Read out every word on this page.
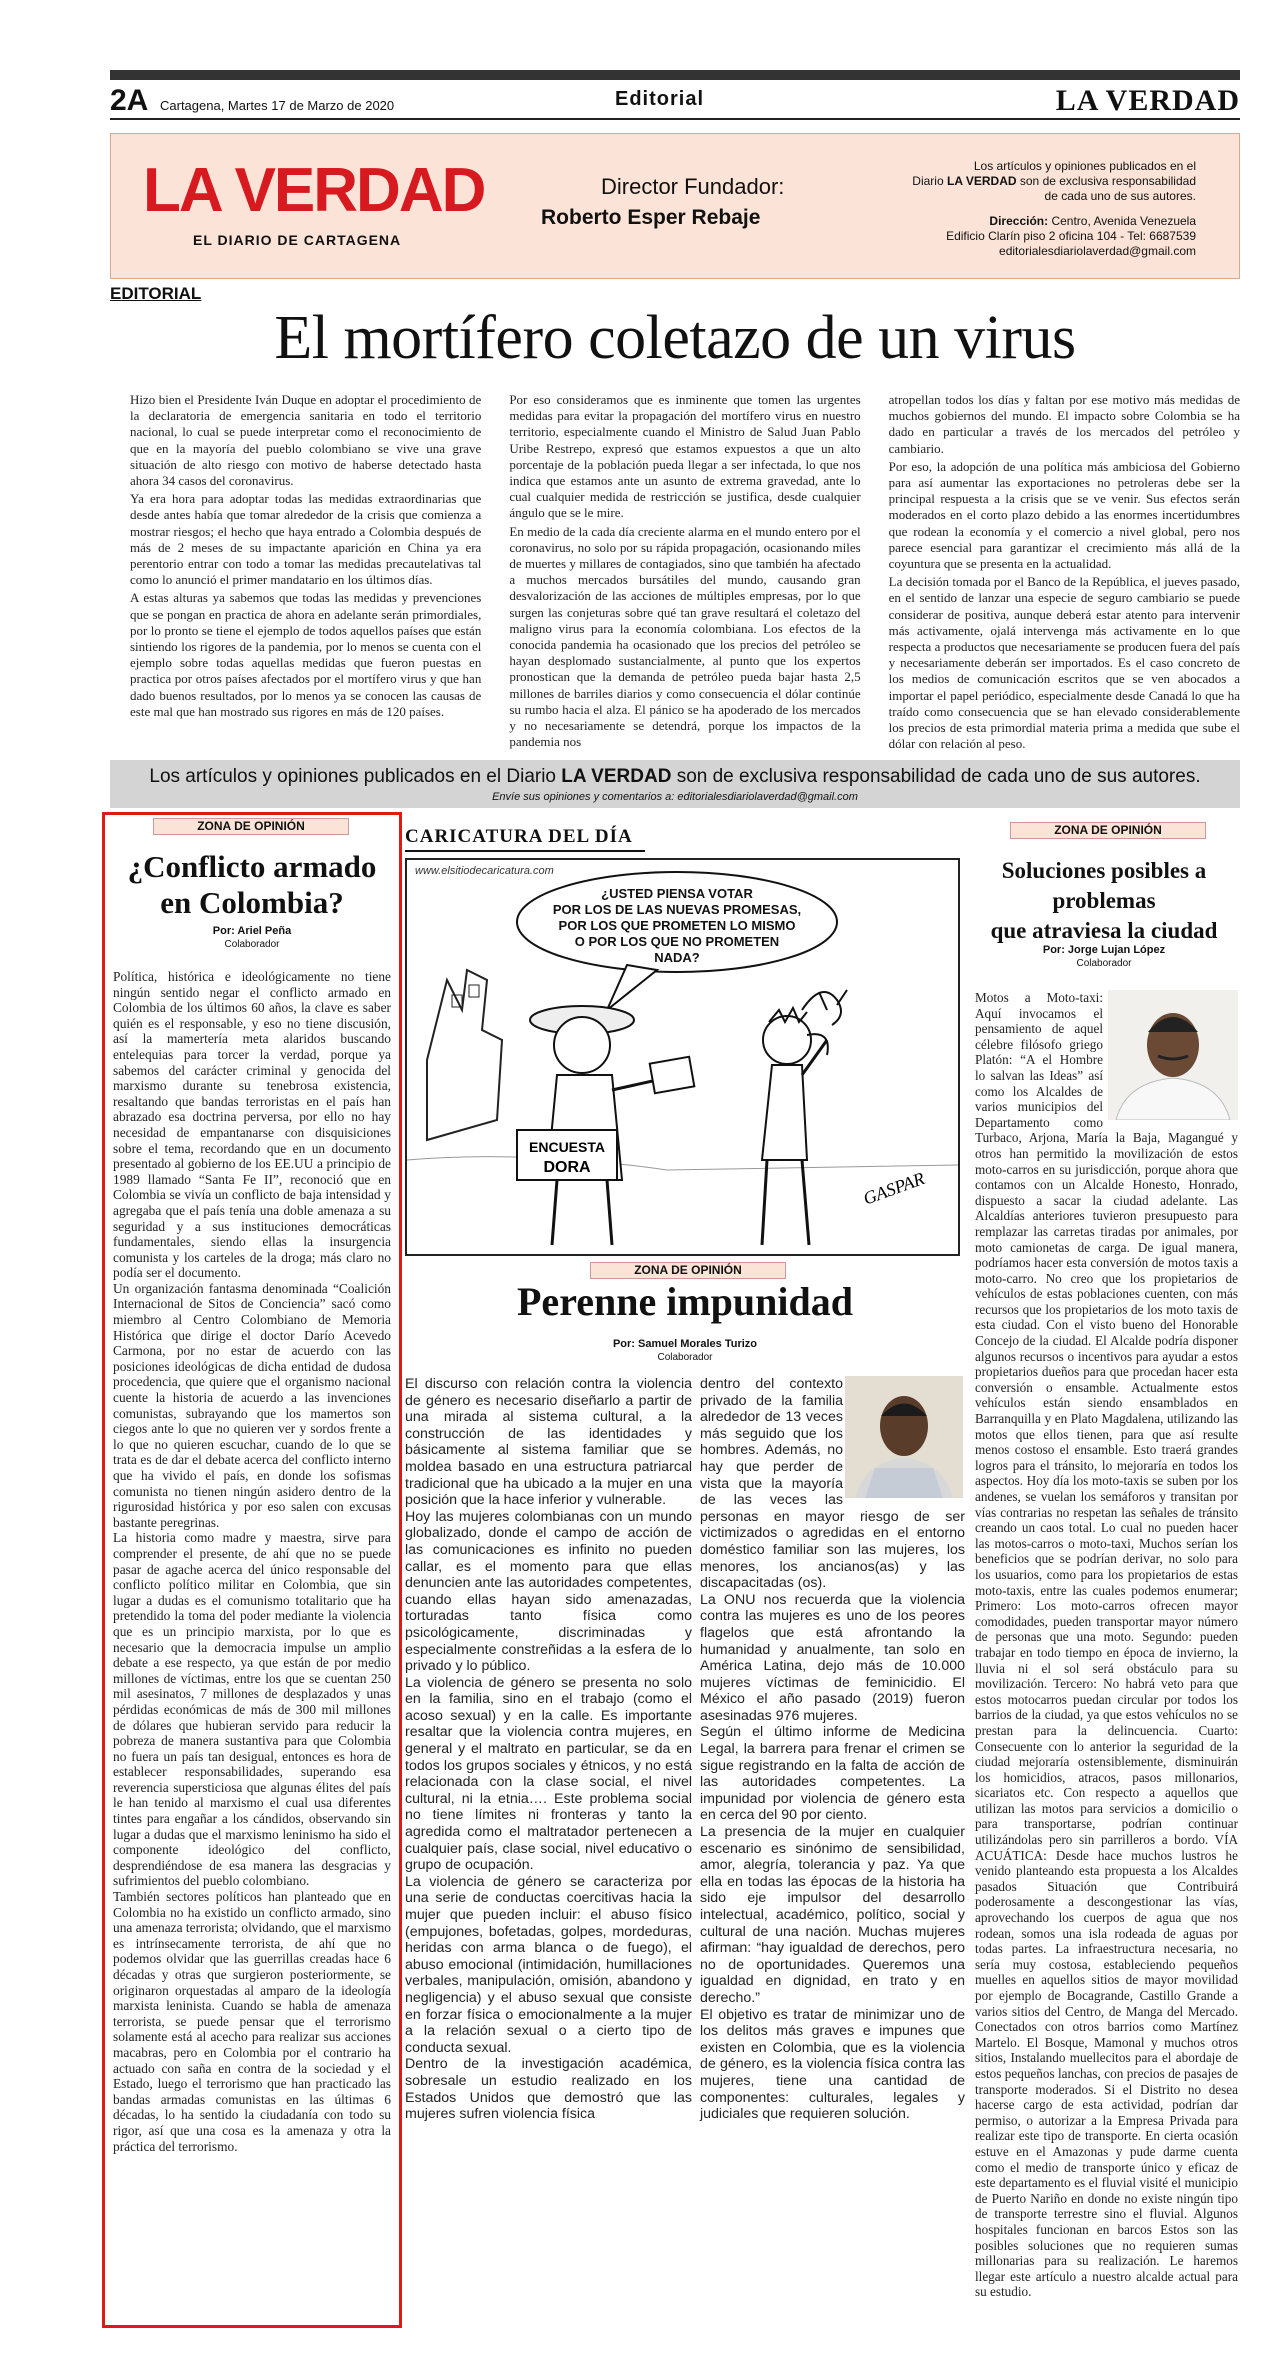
2A Cartagena, Martes 17 de Marzo de 2020	Editorial	LA VERDAD
LA VERDAD
EL DIARIO DE CARTAGENA
Director Fundador:
Roberto Esper Rebaje
Los artículos y opiniones publicados en el
Diario LA VERDAD son de exclusiva responsabilidad
de cada uno de sus autores.
Dirección: Centro, Avenida Venezuela
Edificio Clarín piso 2 oficina 104 - Tel: 6687539
editorialesdiariolaverdad@gmail.com
EDITORIAL
El mortífero coletazo de un virus

Hizo bien el Presidente Iván Duque en adoptar el procedimiento de la declaratoria de emergencia sanitaria en todo el territorio nacional, lo cual se puede interpretar como el reconocimiento de que en la mayoría del pueblo colombiano se vive una grave situación de alto riesgo con motivo de haberse detectado hasta ahora 34 casos del coronavirus.

Ya era hora para adoptar todas las medidas extraordinarias que desde antes había que tomar alrededor de la crisis que comienza a mostrar riesgos; el hecho que haya entrado a Colombia después de más de 2 meses de su impactante aparición en China ya era perentorio entrar con todo a tomar las medidas precautelativas tal como lo anunció el primer mandatario en los últimos días.

A estas alturas ya sabemos que todas las medidas y prevenciones que se pongan en practica de ahora en adelante serán primordiales, por lo pronto se tiene el ejemplo de todos aquellos países que están sintiendo los rigores de la pandemia, por lo menos se cuenta con el ejemplo sobre todas aquellas medidas que fueron puestas en practica por otros países afectados por el mortífero virus y que han dado buenos resultados, por lo menos ya se conocen las causas de este mal que han mostrado sus rigores en más de 120 países.

Por eso consideramos que es inminente que tomen las urgentes medidas para evitar la propagación del mortífero virus en nuestro territorio, especialmente cuando el Ministro de Salud Juan Pablo Uribe Restrepo, expresó que estamos expuestos a que un alto porcentaje de la población pueda llegar a ser infectada, lo que nos indica que estamos ante un asunto de extrema gravedad, ante lo cual cualquier medida de restricción se justifica, desde cualquier ángulo que se le mire.

En medio de la cada día creciente alarma en el mundo entero por el coronavirus, no solo por su rápida propagación, ocasionando miles de muertes y millares de contagiados, sino que también ha afectado a muchos mercados bursátiles del mundo, causando gran desvalorización de las acciones de múltiples empresas, por lo que surgen las conjeturas sobre qué tan grave resultará el coletazo del maligno virus para la economía colombiana. Los efectos de la conocida pandemia ha ocasionado que los precios del petróleo se hayan desplomado sustancialmente, al punto que los expertos pronostican que la demanda de petróleo pueda bajar hasta 2,5 millones de barriles diarios y como consecuencia el dólar continúe su rumbo hacia el alza. El pánico se ha apoderado de los mercados y no necesariamente se detendrá, porque los impactos de la pandemia nos

atropellan todos los días y faltan por ese motivo más medidas de muchos gobiernos del mundo. El impacto sobre Colombia se ha dado en particular a través de los mercados del petróleo y cambiario.

Por eso, la adopción de una política más ambiciosa del Gobierno para así aumentar las exportaciones no petroleras debe ser la principal respuesta a la crisis que se ve venir. Sus efectos serán moderados en el corto plazo debido a las enormes incertidumbres que rodean la economía y el comercio a nivel global, pero nos parece esencial para garantizar el crecimiento más allá de la coyuntura que se presenta en la actualidad.

La decisión tomada por el Banco de la República, el jueves pasado, en el sentido de lanzar una especie de seguro cambiario se puede considerar de positiva, aunque deberá estar atento para intervenir más activamente, ojalá intervenga más activamente en lo que respecta a productos que necesariamente se producen fuera del país y necesariamente deberán ser importados. Es el caso concreto de los medios de comunicación escritos que se ven abocados a importar el papel periódico, especialmente desde Canadá lo que ha traído como consecuencia que se han elevado considerablemente los precios de esta primordial materia prima a medida que sube el dólar con relación al peso.

Los artículos y opiniones publicados en el Diario LA VERDAD son de exclusiva responsabilidad de cada uno de sus autores.
Envíe sus opiniones y comentarios a: editorialesdiariolaverdad@gmail.com
ZONA DE OPINIÓN
¿Conflicto armado
en Colombia?
Por: Ariel Peña
Colaborador

Política, histórica e ideológicamente no tiene ningún sentido negar el conflicto armado en Colombia de los últimos 60 años, la clave es saber quién es el responsable, y eso no tiene discusión, así la mamertería meta alaridos buscando entelequias para torcer la verdad, porque ya sabemos del carácter criminal y genocida del marxismo durante su tenebrosa existencia, resaltando que bandas terroristas en el país han abrazado esa doctrina perversa, por ello no hay necesidad de empantanarse con disquisiciones sobre el tema, recordando que en un documento presentado al gobierno de los EE.UU a principio de 1989 llamado “Santa Fe II”, reconoció que en Colombia se vivía un conflicto de baja intensidad y agregaba que el país tenía una doble amenaza a su seguridad y a sus instituciones democráticas fundamentales, siendo ellas la insurgencia comunista y los carteles de la droga; más claro no podía ser el documento.

Un organización fantasma denominada “Coalición Internacional de Sitos de Conciencia” sacó como miembro al Centro Colombiano de Memoria Histórica que dirige el doctor Darío Acevedo Carmona, por no estar de acuerdo con las posiciones ideológicas de dicha entidad de dudosa procedencia, que quiere que el organismo nacional cuente la historia de acuerdo a las invenciones comunistas, subrayando que los mamertos son ciegos ante lo que no quieren ver y sordos frente a lo que no quieren escuchar, cuando de lo que se trata es de dar el debate acerca del conflicto interno que ha vivido el país, en donde los sofismas comunista no tienen ningún asidero dentro de la rigurosidad histórica y por eso salen con excusas bastante peregrinas.

La historia como madre y maestra, sirve para comprender el presente, de ahí que no se puede pasar de agache acerca del único responsable del conflicto político militar en Colombia, que sin lugar a dudas es el comunismo totalitario que ha pretendido la toma del poder mediante la violencia que es un principio marxista, por lo que es necesario que la democracia impulse un amplio debate a ese respecto, ya que están de por medio millones de víctimas, entre los que se cuentan 250 mil asesinatos, 7 millones de desplazados y unas pérdidas económicas de más de 300 mil millones de dólares que hubieran servido para reducir la pobreza de manera sustantiva para que Colombia no fuera un país tan desigual, entonces es hora de establecer responsabilidades, superando esa reverencia supersticiosa que algunas élites del país le han tenido al marxismo el cual usa diferentes tintes para engañar a los cándidos, observando sin lugar a dudas que el marxismo leninismo ha sido el componente ideológico del conflicto, desprendiéndose de esa manera las desgracias y sufrimientos del pueblo colombiano.

También sectores políticos han planteado que en Colombia no ha existido un conflicto armado, sino una amenaza terrorista; olvidando, que el marxismo es intrínsecamente terrorista, de ahí que no podemos olvidar que las guerrillas creadas hace 6 décadas y otras que surgieron posteriormente, se originaron orquestadas al amparo de la ideología marxista leninista. Cuando se habla de amenaza terrorista, se puede pensar que el terrorismo solamente está al acecho para realizar sus acciones macabras, pero en Colombia por el contrario ha actuado con saña en contra de la sociedad y el Estado, luego el terrorismo que han practicado las bandas armadas comunistas en las últimas 6 décadas, lo ha sentido la ciudadanía con todo su rigor, así que una cosa es la amenaza y otra la práctica del terrorismo.

CARICATURA DEL DÍA
www.elsitiodecaricatura.com
¿USTED PIENSA VOTAR
POR LOS DE LAS NUEVAS PROMESAS,
POR LOS QUE PROMETEN LO MISMO
O POR LOS QUE NO PROMETEN
NADA?
ENCUESTA
DORA
GASPAR
ZONA DE OPINIÓN
Perenne impunidad
Por: Samuel Morales Turizo
Colaborador

El discurso con relación contra la violencia de género es necesario diseñarlo a partir de una mirada al sistema cultural, a la construcción de las identidades y básicamente al sistema familiar que se moldea basado en una estructura patriarcal tradicional que ha ubicado a la mujer en una posición que la hace inferior y vulnerable.

Hoy las mujeres colombianas con un mundo globalizado, donde el campo de acción de las comunicaciones es infinito no pueden callar, es el momento para que ellas denuncien ante las autoridades competentes, cuando ellas hayan sido amenazadas, torturadas tanto física como psicológicamente, discriminadas y especialmente constreñidas a la esfera de lo privado y lo público.

La violencia de género se presenta no solo en la familia, sino en el trabajo (como el acoso sexual) y en la calle. Es importante resaltar que la violencia contra mujeres, en general y el maltrato en particular, se da en todos los grupos sociales y étnicos, y no está relacionada con la clase social, el nivel cultural, ni la etnia…. Este problema social no tiene límites ni fronteras y tanto la agredida como el maltratador pertenecen a cualquier país, clase social, nivel educativo o grupo de ocupación.

La violencia de género se caracteriza por una serie de conductas coercitivas hacia la mujer que pueden incluir: el abuso físico (empujones, bofetadas, golpes, mordeduras, heridas con arma blanca o de fuego), el abuso emocional (intimidación, humillaciones verbales, manipulación, omisión, abandono y negligencia) y el abuso sexual que consiste en forzar física o emocionalmente a la mujer a la relación sexual o a cierto tipo de conducta sexual.

Dentro de la investigación académica, sobresale un estudio realizado en los Estados Unidos que demostró que las mujeres sufren violencia física

dentro del contexto privado de la familia alrededor de 13 veces más seguido que los hombres. Además, no hay que perder de vista que la mayoría de las veces las personas en mayor riesgo de ser victimizados o agredidas en el entorno doméstico familiar son las mujeres, los menores, los ancianos(as) y las discapacitadas (os).

La ONU nos recuerda que la violencia contra las mujeres es uno de los peores flagelos que está afrontando la humanidad y anualmente, tan solo en América Latina, dejo más de 10.000 mujeres víctimas de feminicidio. El México el año pasado (2019) fueron asesinadas 976 mujeres.

Según el último informe de Medicina Legal, la barrera para frenar el crimen se sigue registrando en la falta de acción de las autoridades competentes. La impunidad por violencia de género esta en cerca del 90 por ciento.

La presencia de la mujer en cualquier escenario es sinónimo de sensibilidad, amor, alegría, tolerancia y paz. Ya que ella en todas las épocas de la historia ha sido eje impulsor del desarrollo intelectual, académico, político, social y cultural de una nación. Muchas mujeres afirman: “hay igualdad de derechos, pero no de oportunidades. Queremos una igualdad en dignidad, en trato y en derecho.”

El objetivo es tratar de minimizar uno de los delitos más graves e impunes que existen en Colombia, que es la violencia de género, es la violencia física contra las mujeres, tiene una cantidad de componentes: culturales, legales y judiciales que requieren solución.

ZONA DE OPINIÓN
Soluciones posibles a problemas
que atraviesa la ciudad
Por: Jorge Lujan López
Colaborador

Motos a Moto-taxi: Aquí invocamos el pensamiento de aquel célebre filósofo griego Platón: “A el Hombre lo salvan las Ideas” así como los Alcaldes de varios municipios del Departamento como Turbaco, Arjona, María la Baja, Magangué y otros han permitido la movilización de estos moto-carros en su jurisdicción, porque ahora que contamos con un Alcalde Honesto, Honrado, dispuesto a sacar la ciudad adelante. Las Alcaldías anteriores tuvieron presupuesto para remplazar las carretas tiradas por animales, por moto camionetas de carga. De igual manera, podríamos hacer esta conversión de motos taxis a moto-carro. No creo que los propietarios de vehículos de estas poblaciones cuenten, con más recursos que los propietarios de los moto taxis de esta ciudad. Con el visto bueno del Honorable Concejo de la ciudad. El Alcalde podría disponer algunos recursos o incentivos para ayudar a estos propietarios dueños para que procedan hacer esta conversión o ensamble. Actualmente estos vehículos están siendo ensamblados en Barranquilla y en Plato Magdalena, utilizando las motos que ellos tienen, para que así resulte menos costoso el ensamble. Esto traerá grandes logros para el tránsito, lo mejoraría en todos los aspectos. Hoy día los moto-taxis se suben por los andenes, se vuelan los semáforos y transitan por vías contrarias no respetan las señales de tránsito creando un caos total. Lo cual no pueden hacer las motos-carros o moto-taxi, Muchos serían los beneficios que se podrían derivar, no solo para los usuarios, como para los propietarios de estas moto-taxis, entre las cuales podemos enumerar; Primero: Los moto-carros ofrecen mayor comodidades, pueden transportar mayor número de personas que una moto. Segundo: pueden trabajar en todo tiempo en época de invierno, la lluvia ni el sol será obstáculo para su movilización. Tercero: No habrá veto para que estos motocarros puedan circular por todos los barrios de la ciudad, ya que estos vehículos no se prestan para la delincuencia. Cuarto: Consecuente con lo anterior la seguridad de la ciudad mejoraría ostensiblemente, disminuirán los homicidios, atracos, pasos millonarios, sicariatos etc. Con respecto a aquellos que utilizan las motos para servicios a domicilio o para transportarse, podrían continuar utilizándolas pero sin parrilleros a bordo. VÍA ACUÁTICA: Desde hace muchos lustros he venido planteando esta propuesta a los Alcaldes pasados Situación que Contribuirá poderosamente a descongestionar las vías, aprovechando los cuerpos de agua que nos rodean, somos una isla rodeada de aguas por todas partes. La infraestructura necesaria, no sería muy costosa, estableciendo pequeños muelles en aquellos sitios de mayor movilidad por ejemplo de Bocagrande, Castillo Grande a varios sitios del Centro, de Manga del Mercado. Conectados con otros barrios como Martínez Martelo. El Bosque, Mamonal y muchos otros sitios, Instalando muellecitos para el abordaje de estos pequeños lanchas, con precios de pasajes de transporte moderados. Si el Distrito no desea hacerse cargo de esta actividad, podrían dar permiso, o autorizar a la Empresa Privada para realizar este tipo de transporte. En cierta ocasión estuve en el Amazonas y pude darme cuenta como el medio de transporte único y eficaz de este departamento es el fluvial visité el municipio de Puerto Nariño en donde no existe ningún tipo de transporte terrestre sino el fluvial. Algunos hospitales funcionan en barcos Estos son las posibles soluciones que no requieren sumas millonarias para su realización. Le haremos llegar este artículo a nuestro alcalde actual para su estudio.
